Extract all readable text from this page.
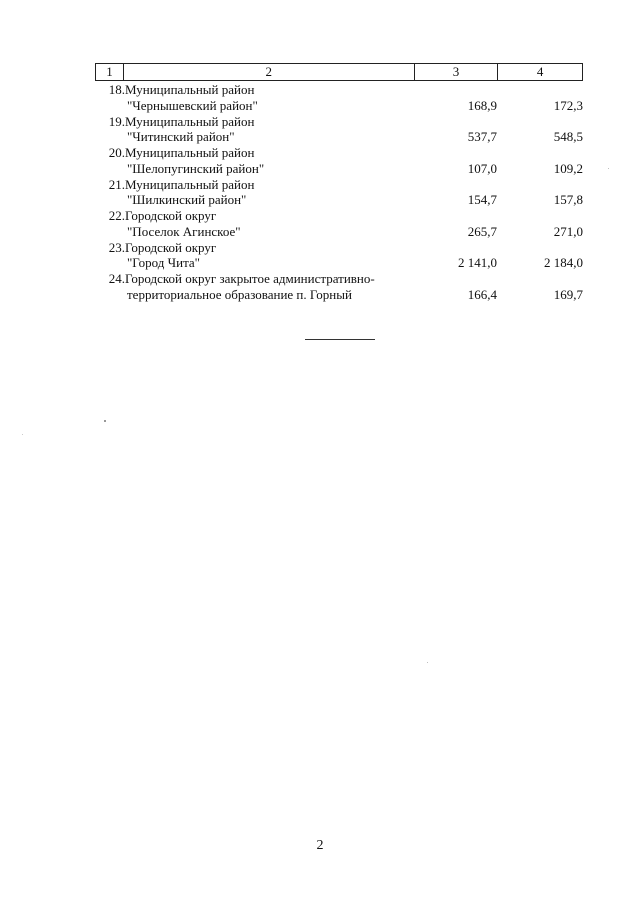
1	2	3	4
18. Муниципальный район
"Чернышевский район"	168,9	172,3
19. Муниципальный район
"Читинский район"	537,7	548,5
20. Муниципальный район
"Шелопугинский район"	107,0	109,2
21. Муниципальный район
"Шилкинский район"	154,7	157,8
22. Городской округ
"Поселок Агинское"	265,7	271,0
23. Городской округ
"Город Чита"	2 141,0	2 184,0
24. Городской округ закрытое административно-
территориальное образование п. Горный	166,4	169,7
2
